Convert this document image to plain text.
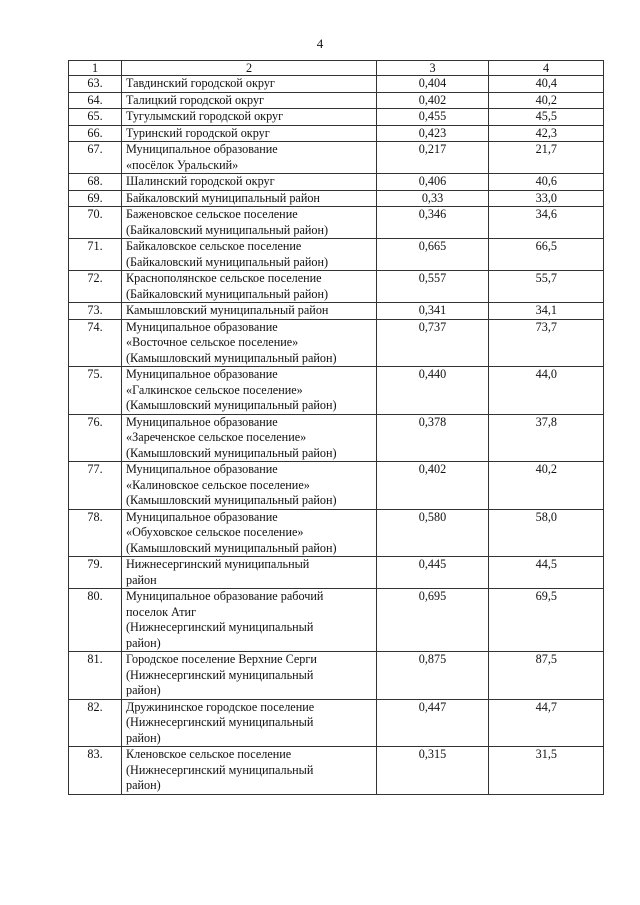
4
1	2	3	4
63.	Тавдинский городской округ	0,404	40,4
64.	Талицкий городской округ	0,402	40,2
65.	Тугулымский городской округ	0,455	45,5
66.	Туринский городской округ	0,423	42,3
67.	Муниципальное образование
«посёлок Уральский»	0,217	21,7
68.	Шалинский городской округ	0,406	40,6
69.	Байкаловский муниципальный район	0,33	33,0
70.	Баженовское сельское поселение
(Байкаловский муниципальный район)	0,346	34,6
71.	Байкаловское сельское поселение
(Байкаловский муниципальный район)	0,665	66,5
72.	Краснополянское сельское поселение
(Байкаловский муниципальный район)	0,557	55,7
73.	Камышловский муниципальный район	0,341	34,1
74.	Муниципальное образование
«Восточное сельское поселение»
(Камышловский муниципальный район)	0,737	73,7
75.	Муниципальное образование
«Галкинское сельское поселение»
(Камышловский муниципальный район)	0,440	44,0
76.	Муниципальное образование
«Зареченское сельское поселение»
(Камышловский муниципальный район)	0,378	37,8
77.	Муниципальное образование
«Калиновское сельское поселение»
(Камышловский муниципальный район)	0,402	40,2
78.	Муниципальное образование
«Обуховское сельское поселение»
(Камышловский муниципальный район)	0,580	58,0
79.	Нижнесергинский муниципальный
район	0,445	44,5
80.	Муниципальное образование рабочий
поселок Атиг
(Нижнесергинский муниципальный
район)	0,695	69,5
81.	Городское поселение Верхние Серги
(Нижнесергинский муниципальный
район)	0,875	87,5
82.	Дружининское городское поселение
(Нижнесергинский муниципальный
район)	0,447	44,7
83.	Кленовское сельское поселение
(Нижнесергинский муниципальный
район)	0,315	31,5
